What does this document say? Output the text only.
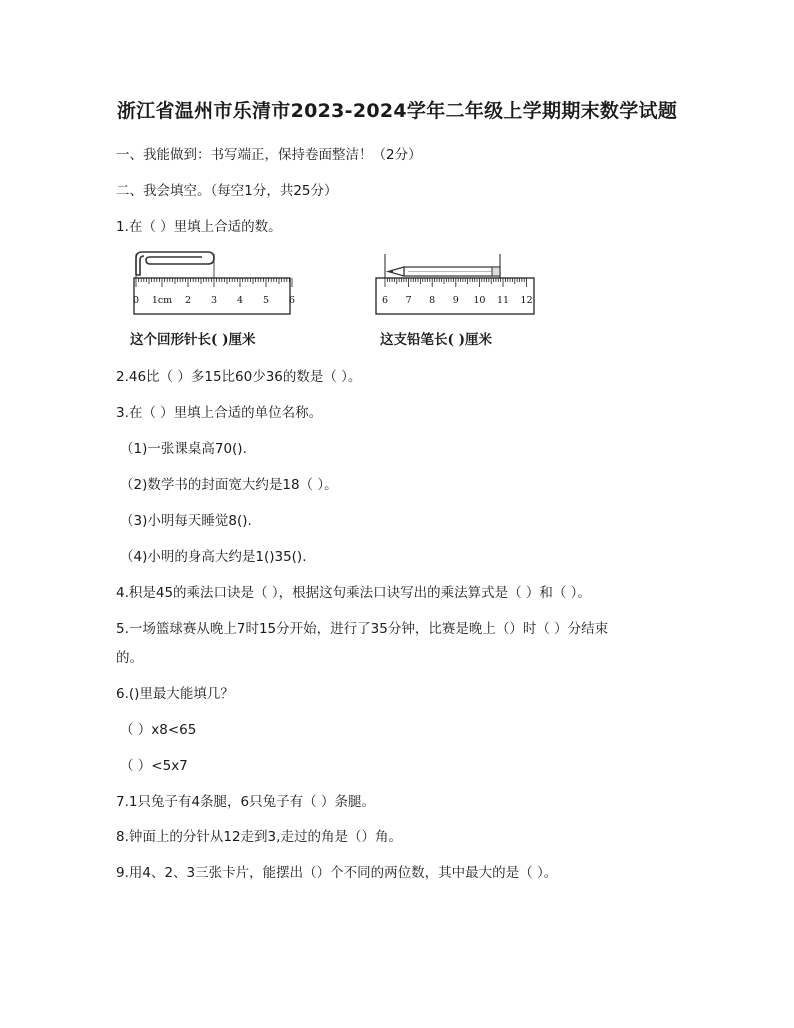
浙江省温州市乐清市2023-2024学年二年级上学期期末数学试题
一、我能做到：书写端正，保持卷面整洁！（2分）
二、我会填空。（每空1分，共25分）
1.在（ ）里填上合适的数。
0 1cm 2 3 4 5 6
这个回形针长( )厘米
6 7 8 9 10 11 12
这支铅笔长( )厘米
2.46比（ ）多15比60少36的数是（ ）。
3.在（ ）里填上合适的单位名称。
（1)一张课桌高70().
（2)数学书的封面宽大约是18（ ）。
（3)小明每天睡觉8().
（4)小明的身高大约是1()35().
4.积是45的乘法口诀是（ ），根据这句乘法口诀写出的乘法算式是（ ）和（ ）。
5.一场篮球赛从晚上7时15分开始，进行了35分钟，比赛是晚上（）时（ ）分结束
的。
6.()里最大能填几？
（ ）x8<65
（ ）<5x7
7.1只兔子有4条腿，6只兔子有（ ）条腿。
8.钟面上的分针从12走到3,走过的角是（）角。
9.用4、2、3三张卡片，能摆出（）个不同的两位数，其中最大的是（ ）。
